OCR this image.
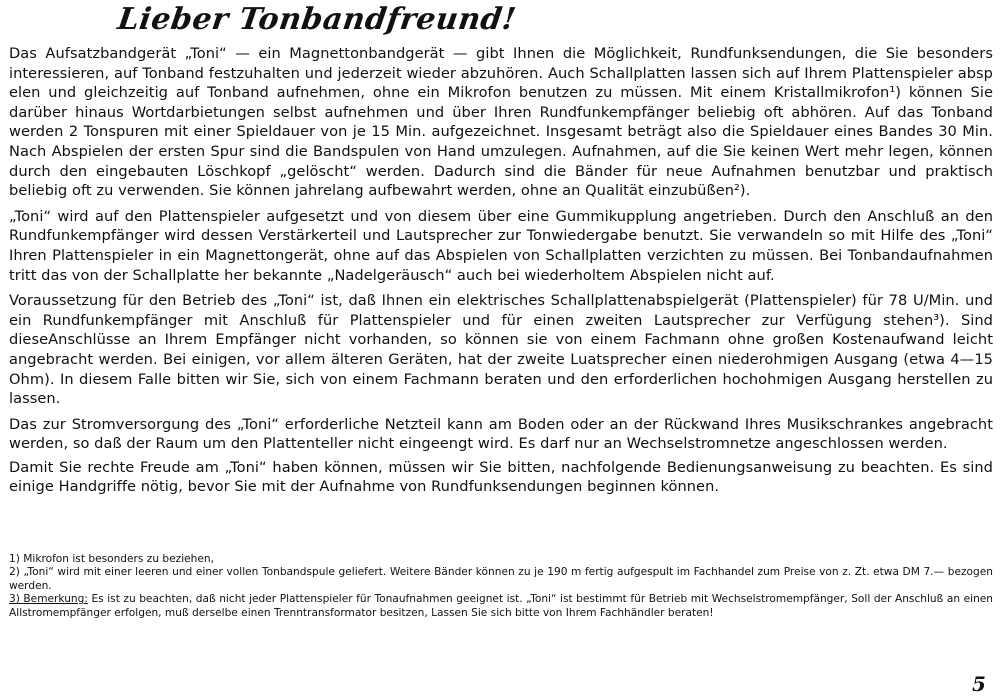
Lieber Tonbandfreund!

Das Aufsatzbandgerät „Toni“ — ein Magnettonbandgerät — gibt Ihnen die Möglichkeit, Rundfunksendungen, die Sie besonders interessieren, auf Tonband festzuhalten und jederzeit wieder abzuhören. Auch Schallplatten lassen sich auf Ihrem Plattenspieler absp elen und gleichzeitig auf Tonband aufnehmen, ohne ein Mikrofon benutzen zu müssen. Mit einem Kristallmikrofon¹) können Sie darüber hinaus Wortdarbietungen selbst aufnehmen und über Ihren Rundfunkempfänger beliebig oft abhören. Auf das Tonband werden 2 Tonspuren mit einer Spieldauer von je 15 Min. aufgezeichnet. Insgesamt beträgt also die Spieldauer eines Bandes 30 Min. Nach Abspielen der ersten Spur sind die Bandspulen von Hand umzulegen. Aufnahmen, auf die Sie keinen Wert mehr legen, können durch den eingebauten Löschkopf „gelöscht“ werden. Dadurch sind die Bänder für neue Aufnahmen benutzbar und praktisch beliebig oft zu verwenden. Sie können jahrelang aufbewahrt werden, ohne an Qualität einzubüßen²).

„Toni“ wird auf den Plattenspieler aufgesetzt und von diesem über eine Gummikupplung angetrieben. Durch den Anschluß an den Rundfunkempfänger wird dessen Verstärkerteil und Lautsprecher zur Tonwiedergabe benutzt. Sie verwandeln so mit Hilfe des „Toni“ Ihren Plattenspieler in ein Magnettongerät, ohne auf das Abspielen von Schallplatten verzichten zu müssen. Bei Tonbandaufnahmen tritt das von der Schallplatte her bekannte „Nadelgeräusch“ auch bei wiederholtem Abspielen nicht auf.

Voraussetzung für den Betrieb des „Toni“ ist, daß Ihnen ein elektrisches Schallplattenabspielgerät (Plattenspieler) für 78 U/Min. und ein Rundfunkempfänger mit Anschluß für Plattenspieler und für einen zweiten Lautsprecher zur Verfügung stehen³). Sind dieseAnschlüsse an Ihrem Empfänger nicht vorhanden, so können sie von einem Fachmann ohne großen Kostenaufwand leicht angebracht werden. Bei einigen, vor allem älteren Geräten, hat der zweite Luatsprecher einen niederohmigen Ausgang (etwa 4—15 Ohm). In diesem Falle bitten wir Sie, sich von einem Fachmann beraten und den erforderlichen hochohmigen Ausgang herstellen zu lassen.

Das zur Stromversorgung des „Toni“ erforderliche Netzteil kann am Boden oder an der Rückwand Ihres Musikschrankes angebracht werden, so daß der Raum um den Plattenteller nicht eingeengt wird. Es darf nur an Wechselstromnetze angeschlossen werden.

Damit Sie rechte Freude am „Toni“ haben können, müssen wir Sie bitten, nachfolgende Bedienungsanweisung zu beachten. Es sind einige Handgriffe nötig, bevor Sie mit der Aufnahme von Rundfunksendungen beginnen können.

1) Mikrofon ist besonders zu beziehen,

2) „Toni“ wird mit einer leeren und einer vollen Tonbandspule geliefert. Weitere Bänder können zu je 190 m fertig aufgespult im Fachhandel zum Preise von z. Zt. etwa DM 7.— bezogen werden.

3) Bemerkung: Es ist zu beachten, daß nicht jeder Plattenspieler für Tonaufnahmen geeignet ist. „Toni“ ist bestimmt für Betrieb mit Wechselstromempfänger, Soll der Anschluß an einen Allstromempfänger erfolgen, muß derselbe einen Trenntransformator besitzen, Lassen Sie sich bitte von Ihrem Fachhändler beraten!

5
